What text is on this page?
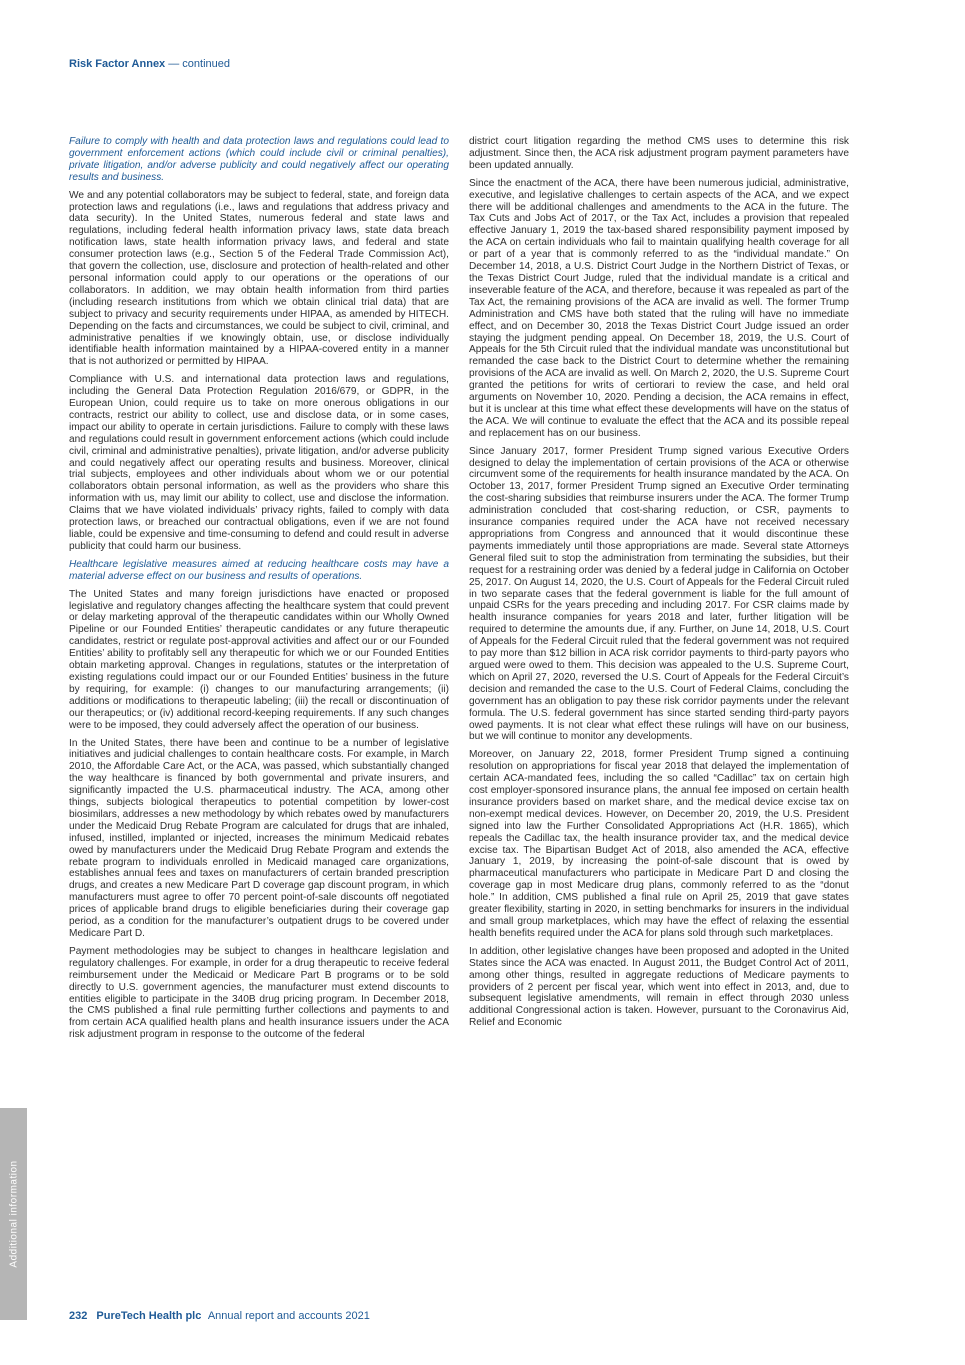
Risk Factor Annex — continued

Failure to comply with health and data protection laws and regulations could lead to government enforcement actions (which could include civil or criminal penalties), private litigation, and/or adverse publicity and could negatively affect our operating results and business.

We and any potential collaborators may be subject to federal, state, and foreign data protection laws and regulations (i.e., laws and regulations that address privacy and data security). In the United States, numerous federal and state laws and regulations, including federal health information privacy laws, state data breach notification laws, state health information privacy laws, and federal and state consumer protection laws (e.g., Section 5 of the Federal Trade Commission Act), that govern the collection, use, disclosure and protection of health-related and other personal information could apply to our operations or the operations of our collaborators. In addition, we may obtain health information from third parties (including research institutions from which we obtain clinical trial data) that are subject to privacy and security requirements under HIPAA, as amended by HITECH. Depending on the facts and circumstances, we could be subject to civil, criminal, and administrative penalties if we knowingly obtain, use, or disclose individually identifiable health information maintained by a HIPAA-covered entity in a manner that is not authorized or permitted by HIPAA.

Compliance with U.S. and international data protection laws and regulations, including the General Data Protection Regulation 2016/679, or GDPR, in the European Union, could require us to take on more onerous obligations in our contracts, restrict our ability to collect, use and disclose data, or in some cases, impact our ability to operate in certain jurisdictions. Failure to comply with these laws and regulations could result in government enforcement actions (which could include civil, criminal and administrative penalties), private litigation, and/or adverse publicity and could negatively affect our operating results and business. Moreover, clinical trial subjects, employees and other individuals about whom we or our potential collaborators obtain personal information, as well as the providers who share this information with us, may limit our ability to collect, use and disclose the information. Claims that we have violated individuals’ privacy rights, failed to comply with data protection laws, or breached our contractual obligations, even if we are not found liable, could be expensive and time-consuming to defend and could result in adverse publicity that could harm our business.

Healthcare legislative measures aimed at reducing healthcare costs may have a material adverse effect on our business and results of operations.

The United States and many foreign jurisdictions have enacted or proposed legislative and regulatory changes affecting the healthcare system that could prevent or delay marketing approval of the therapeutic candidates within our Wholly Owned Pipeline or our Founded Entities’ therapeutic candidates or any future therapeutic candidates, restrict or regulate post-approval activities and affect our or our Founded Entities’ ability to profitably sell any therapeutic for which we or our Founded Entities obtain marketing approval. Changes in regulations, statutes or the interpretation of existing regulations could impact our or our Founded Entities’ business in the future by requiring, for example: (i) changes to our manufacturing arrangements; (ii) additions or modifications to therapeutic labeling; (iii) the recall or discontinuation of our therapeutics; or (iv) additional record-keeping requirements. If any such changes were to be imposed, they could adversely affect the operation of our business.

In the United States, there have been and continue to be a number of legislative initiatives and judicial challenges to contain healthcare costs. For example, in March 2010, the Affordable Care Act, or the ACA, was passed, which substantially changed the way healthcare is financed by both governmental and private insurers, and significantly impacted the U.S. pharmaceutical industry. The ACA, among other things, subjects biological therapeutics to potential competition by lower-cost biosimilars, addresses a new methodology by which rebates owed by manufacturers under the Medicaid Drug Rebate Program are calculated for drugs that are inhaled, infused, instilled, implanted or injected, increases the minimum Medicaid rebates owed by manufacturers under the Medicaid Drug Rebate Program and extends the rebate program to individuals enrolled in Medicaid managed care organizations, establishes annual fees and taxes on manufacturers of certain branded prescription drugs, and creates a new Medicare Part D coverage gap discount program, in which manufacturers must agree to offer 70 percent point-of-sale discounts off negotiated prices of applicable brand drugs to eligible beneficiaries during their coverage gap period, as a condition for the manufacturer’s outpatient drugs to be covered under Medicare Part D.

Payment methodologies may be subject to changes in healthcare legislation and regulatory challenges. For example, in order for a drug therapeutic to receive federal reimbursement under the Medicaid or Medicare Part B programs or to be sold directly to U.S. government agencies, the manufacturer must extend discounts to entities eligible to participate in the 340B drug pricing program. In December 2018, the CMS published a final rule permitting further collections and payments to and from certain ACA qualified health plans and health insurance issuers under the ACA risk adjustment program in response to the outcome of the federal

district court litigation regarding the method CMS uses to determine this risk adjustment. Since then, the ACA risk adjustment program payment parameters have been updated annually.

Since the enactment of the ACA, there have been numerous judicial, administrative, executive, and legislative challenges to certain aspects of the ACA, and we expect there will be additional challenges and amendments to the ACA in the future. The Tax Cuts and Jobs Act of 2017, or the Tax Act, includes a provision that repealed effective January 1, 2019 the tax-based shared responsibility payment imposed by the ACA on certain individuals who fail to maintain qualifying health coverage for all or part of a year that is commonly referred to as the “individual mandate.” On December 14, 2018, a U.S. District Court Judge in the Northern District of Texas, or the Texas District Court Judge, ruled that the individual mandate is a critical and inseverable feature of the ACA, and therefore, because it was repealed as part of the Tax Act, the remaining provisions of the ACA are invalid as well. The former Trump Administration and CMS have both stated that the ruling will have no immediate effect, and on December 30, 2018 the Texas District Court Judge issued an order staying the judgment pending appeal. On December 18, 2019, the U.S. Court of Appeals for the 5th Circuit ruled that the individual mandate was unconstitutional but remanded the case back to the District Court to determine whether the remaining provisions of the ACA are invalid as well. On March 2, 2020, the U.S. Supreme Court granted the petitions for writs of certiorari to review the case, and held oral arguments on November 10, 2020. Pending a decision, the ACA remains in effect, but it is unclear at this time what effect these developments will have on the status of the ACA. We will continue to evaluate the effect that the ACA and its possible repeal and replacement has on our business.

Since January 2017, former President Trump signed various Executive Orders designed to delay the implementation of certain provisions of the ACA or otherwise circumvent some of the requirements for health insurance mandated by the ACA. On October 13, 2017, former President Trump signed an Executive Order terminating the cost-sharing subsidies that reimburse insurers under the ACA. The former Trump administration concluded that cost-sharing reduction, or CSR, payments to insurance companies required under the ACA have not received necessary appropriations from Congress and announced that it would discontinue these payments immediately until those appropriations are made. Several state Attorneys General filed suit to stop the administration from terminating the subsidies, but their request for a restraining order was denied by a federal judge in California on October 25, 2017. On August 14, 2020, the U.S. Court of Appeals for the Federal Circuit ruled in two separate cases that the federal government is liable for the full amount of unpaid CSRs for the years preceding and including 2017. For CSR claims made by health insurance companies for years 2018 and later, further litigation will be required to determine the amounts due, if any. Further, on June 14, 2018, U.S. Court of Appeals for the Federal Circuit ruled that the federal government was not required to pay more than $12 billion in ACA risk corridor payments to third-party payors who argued were owed to them. This decision was appealed to the U.S. Supreme Court, which on April 27, 2020, reversed the U.S. Court of Appeals for the Federal Circuit’s decision and remanded the case to the U.S. Court of Federal Claims, concluding the government has an obligation to pay these risk corridor payments under the relevant formula. The U.S. federal government has since started sending third-party payors owed payments. It is not clear what effect these rulings will have on our business, but we will continue to monitor any developments.

Moreover, on January 22, 2018, former President Trump signed a continuing resolution on appropriations for fiscal year 2018 that delayed the implementation of certain ACA-mandated fees, including the so called “Cadillac” tax on certain high cost employer-sponsored insurance plans, the annual fee imposed on certain health insurance providers based on market share, and the medical device excise tax on non-exempt medical devices. However, on December 20, 2019, the U.S. President signed into law the Further Consolidated Appropriations Act (H.R. 1865), which repeals the Cadillac tax, the health insurance provider tax, and the medical device excise tax. The Bipartisan Budget Act of 2018, also amended the ACA, effective January 1, 2019, by increasing the point-of-sale discount that is owed by pharmaceutical manufacturers who participate in Medicare Part D and closing the coverage gap in most Medicare drug plans, commonly referred to as the “donut hole.” In addition, CMS published a final rule on April 25, 2019 that gave states greater flexibility, starting in 2020, in setting benchmarks for insurers in the individual and small group marketplaces, which may have the effect of relaxing the essential health benefits required under the ACA for plans sold through such marketplaces.

In addition, other legislative changes have been proposed and adopted in the United States since the ACA was enacted. In August 2011, the Budget Control Act of 2011, among other things, resulted in aggregate reductions of Medicare payments to providers of 2 percent per fiscal year, which went into effect in 2013, and, due to subsequent legislative amendments, will remain in effect through 2030 unless additional Congressional action is taken. However, pursuant to the Coronavirus Aid, Relief and Economic

Additional information
232 PureTech Health plc Annual report and accounts 2021
